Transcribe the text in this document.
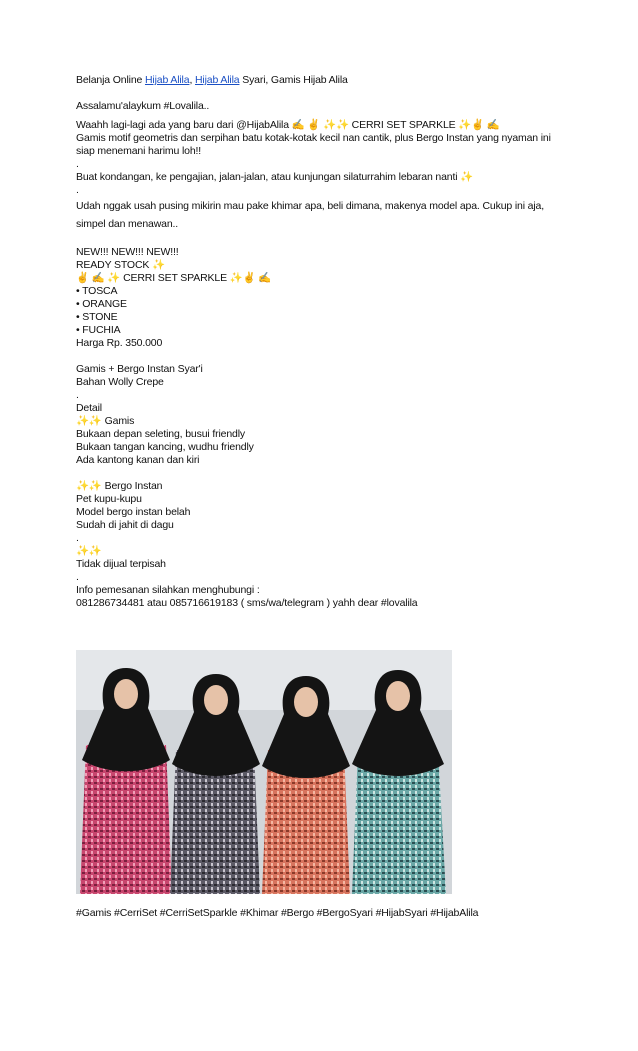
Belanja Online Hijab Alila, Hijab Alila Syari, Gamis Hijab Alila
Assalamu'alaykum #Lovalila..
Waahh lagi-lagi ada yang baru dari @HijabAlila ✍ ✌ ✨✨ CERRI SET SPARKLE ✨✌ ✍
Gamis motif geometris dan serpihan batu kotak-kotak kecil nan cantik, plus Bergo Instan yang nyaman ini siap menemani harimu loh!!
.
Buat kondangan, ke pengajian, jalan-jalan, atau kunjungan silaturrahim lebaran nanti ✨
.
Udah nggak usah pusing mikirin mau pake khimar apa, beli dimana, makenya model apa. Cukup ini aja, simpel dan menawan..
NEW!!! NEW!!! NEW!!!
READY STOCK ✨
✌ ✍ ✨ CERRI SET SPARKLE ✨✌ ✍
• TOSCA
• ORANGE
• STONE
• FUCHIA
Harga Rp. 350.000
Gamis + Bergo Instan Syar'i
Bahan Wolly Crepe
.
Detail
✨✨ Gamis
Bukaan depan seleting, busui friendly
Bukaan tangan kancing, wudhu friendly
Ada kantong kanan dan kiri
✨✨ Bergo Instan
Pet kupu-kupu
Model bergo instan belah
Sudah di jahit di dagu
.
✨✨
Tidak dijual terpisah
.
Info pemesanan silahkan menghubungi :
081286734481 atau 085716619183 ( sms/wa/telegram ) yahh dear #lovalila
#Gamis #CerriSet #CerriSetSparkle #Khimar #Bergo #BergoSyari #HijabSyari #HijabAlila
